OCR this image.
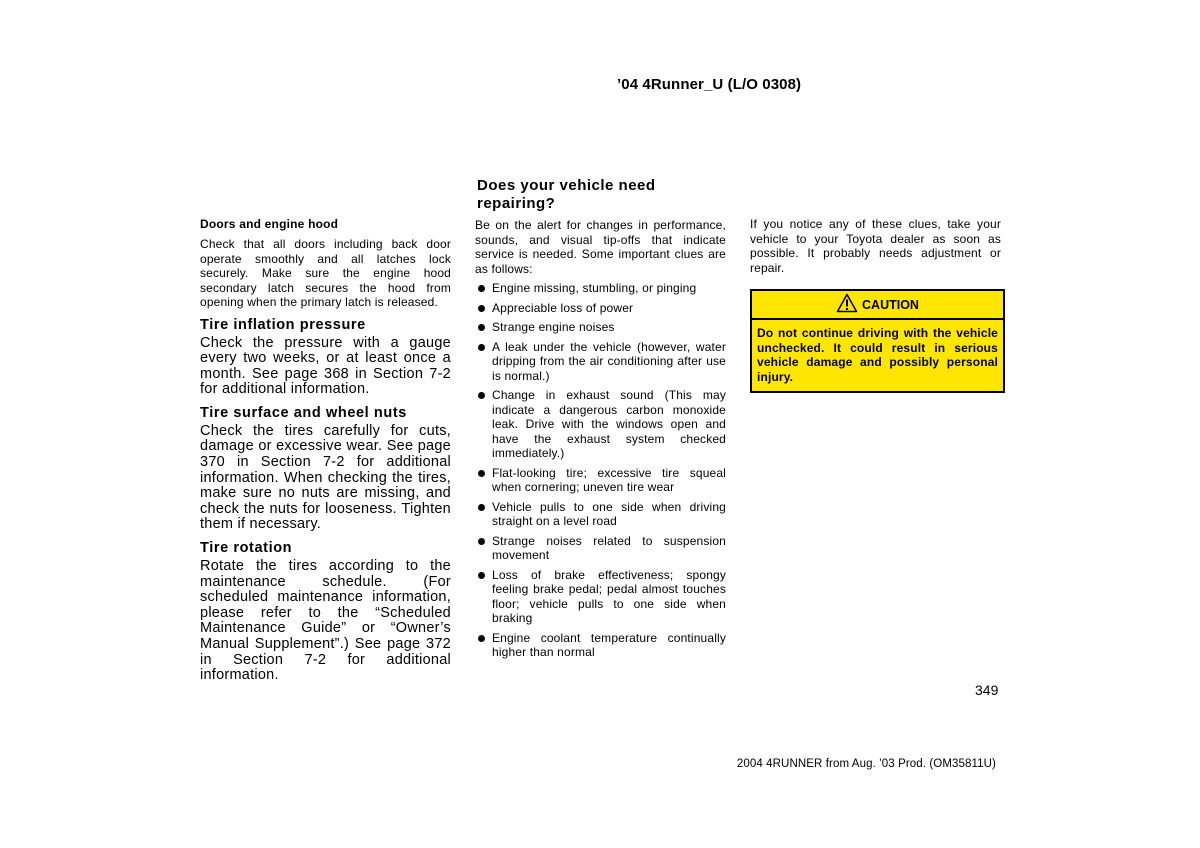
’04 4Runner_U (L/O 0308)
Doors and engine hood

Check that all doors including back door operate smoothly and all latches lock securely. Make sure the engine hood secondary latch secures the hood from opening when the primary latch is released.

Tire inflation pressure

Check the pressure with a gauge every two weeks, or at least once a month. See page 368 in Section 7‑2 for additional information.

Tire surface and wheel nuts

Check the tires carefully for cuts, damage or excessive wear. See page 370 in Section 7‑2 for additional information. When checking the tires, make sure no nuts are missing, and check the nuts for looseness. Tighten them if necessary.

Tire rotation

Rotate the tires according to the maintenance schedule. (For scheduled maintenance information, please refer to the “Scheduled Maintenance Guide” or “Owner’s Manual Supplement”.) See page 372 in Section 7‑2 for additional information.

Does your vehicle need repairing?

Be on the alert for changes in performance, sounds, and visual tip‑offs that indicate service is needed. Some important clues are as follows:

Engine missing, stumbling, or pinging
Appreciable loss of power
Strange engine noises
A leak under the vehicle (however, water dripping from the air conditioning after use is normal.)
Change in exhaust sound (This may indicate a dangerous carbon monoxide leak. Drive with the windows open and have the exhaust system checked immediately.)
Flat‑looking tire; excessive tire squeal when cornering; uneven tire wear
Vehicle pulls to one side when driving straight on a level road
Strange noises related to suspension movement
Loss of brake effectiveness; spongy feeling brake pedal; pedal almost touches floor; vehicle pulls to one side when braking
Engine coolant temperature continually higher than normal

If you notice any of these clues, take your vehicle to your Toyota dealer as soon as possible. It probably needs adjustment or repair.

CAUTION
Do not continue driving with the vehicle unchecked. It could result in serious vehicle damage and possibly personal injury.
349
2004 4RUNNER from Aug. ’03 Prod. (OM35811U)
